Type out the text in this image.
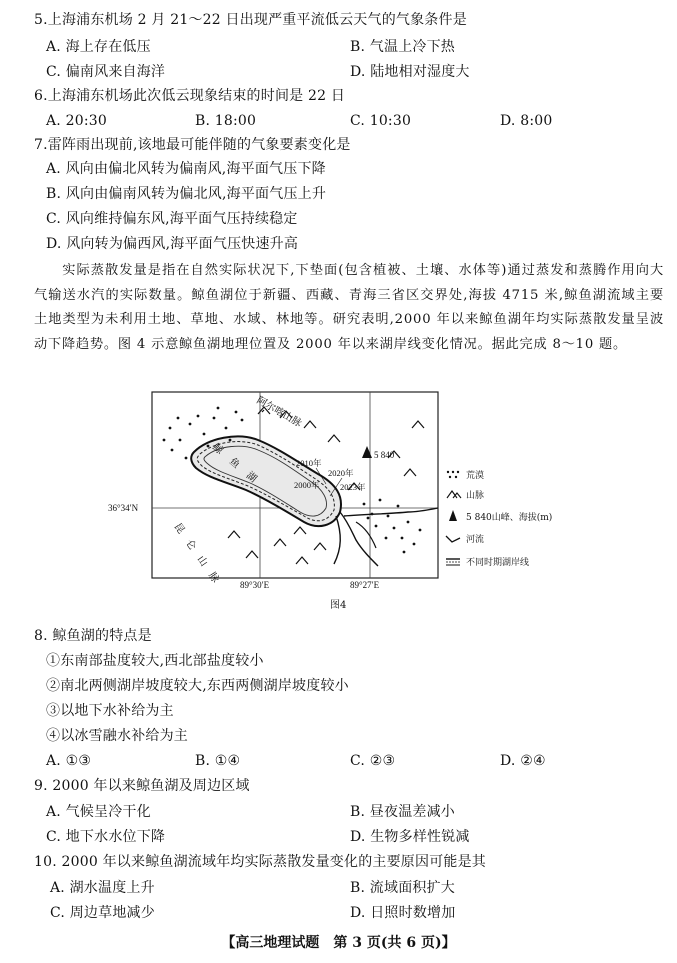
5.上海浦东机场 2 月 21～22 日出现严重平流低云天气的气象条件是
A. 海上存在低压	B. 气温上冷下热
C. 偏南风来自海洋	D. 陆地相对湿度大
6.上海浦东机场此次低云现象结束的时间是 22 日
A. 20:30	B. 18:00	C. 10:30	D. 8:00
7.雷阵雨出现前,该地最可能伴随的气象要素变化是
A. 风向由偏北风转为偏南风,海平面气压下降
B. 风向由偏南风转为偏北风,海平面气压上升
C. 风向维持偏东风,海平面气压持续稳定
D. 风向转为偏西风,海平面气压快速升高
实际蒸散发量是指在自然实际状况下,下垫面(包含植被、土壤、水体等)通过蒸发和蒸腾作用向大气输送水汽的实际数量。鲸鱼湖位于新疆、西藏、青海三省区交界处,海拔 4715 米,鲸鱼湖流域主要土地类型为未利用土地、草地、水域、林地等。研究表明,2000 年以来鲸鱼湖年均实际蒸散发量呈波动下降趋势。图 4 示意鲸鱼湖地理位置及 2000 年以来湖岸线变化情况。据此完成 8～10 题。
5 840
阿尔喀山脉
昆仑山脉
鲸鱼湖	2000年
2010年
2020年
2023年
36°34′N
89°30′E	89°27′E
荒漠
山脉
5 840山峰、海拔(m)
河流
不同时期湖岸线
图4
8. 鲸鱼湖的特点是
①东南部盐度较大,西北部盐度较小
②南北两侧湖岸坡度较大,东西两侧湖岸坡度较小
③以地下水补给为主
④以冰雪融水补给为主
A. ①③	B. ①④	C. ②③	D. ②④
9. 2000 年以来鲸鱼湖及周边区域
A. 气候呈冷干化	B. 昼夜温差减小
C. 地下水水位下降	D. 生物多样性锐减
10. 2000 年以来鲸鱼湖流域年均实际蒸散发量变化的主要原因可能是其
A. 湖水温度上升	B. 流域面积扩大
C. 周边草地减少	D. 日照时数增加
【高三地理试题　第 3 页(共 6 页)】
